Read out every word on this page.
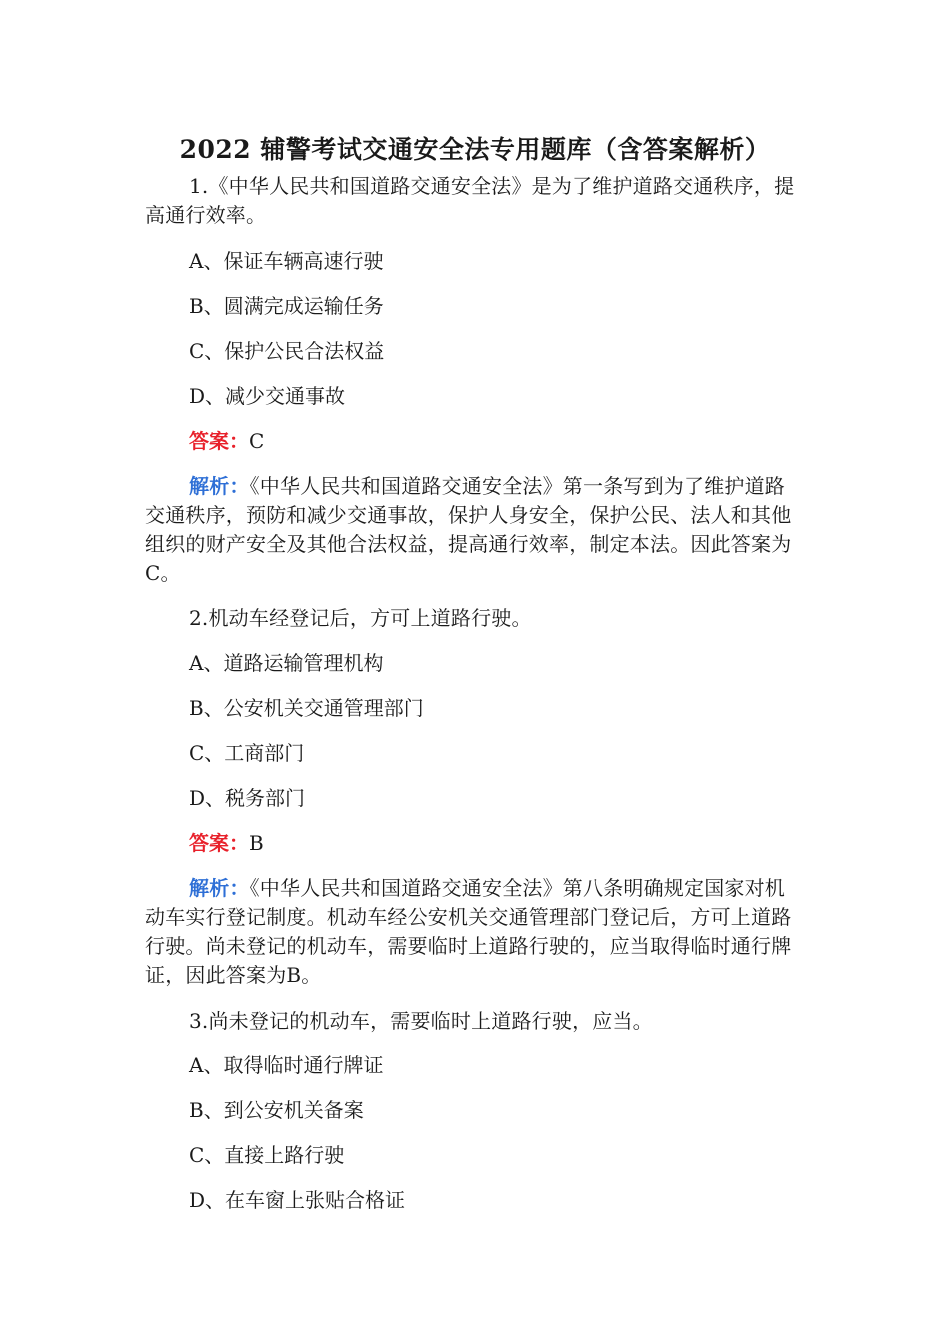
2022 辅警考试交通安全法专用题库（含答案解析）
1.《中华人民共和国道路交通安全法》是为了维护道路交通秩序，提高通行效率。
A、保证车辆高速行驶
B、圆满完成运输任务
C、保护公民合法权益
D、减少交通事故
答案：C
解析：《中华人民共和国道路交通安全法》第一条写到为了维护道路交通秩序，预防和减少交通事故，保护人身安全，保护公民、法人和其他组织的财产安全及其他合法权益，提高通行效率，制定本法。因此答案为C。
2.机动车经登记后，方可上道路行驶。
A、道路运输管理机构
B、公安机关交通管理部门
C、工商部门
D、税务部门
答案：B
解析：《中华人民共和国道路交通安全法》第八条明确规定国家对机动车实行登记制度。机动车经公安机关交通管理部门登记后，方可上道路行驶。尚未登记的机动车，需要临时上道路行驶的，应当取得临时通行牌证，因此答案为B。
3.尚未登记的机动车，需要临时上道路行驶，应当。
A、取得临时通行牌证
B、到公安机关备案
C、直接上路行驶
D、在车窗上张贴合格证
